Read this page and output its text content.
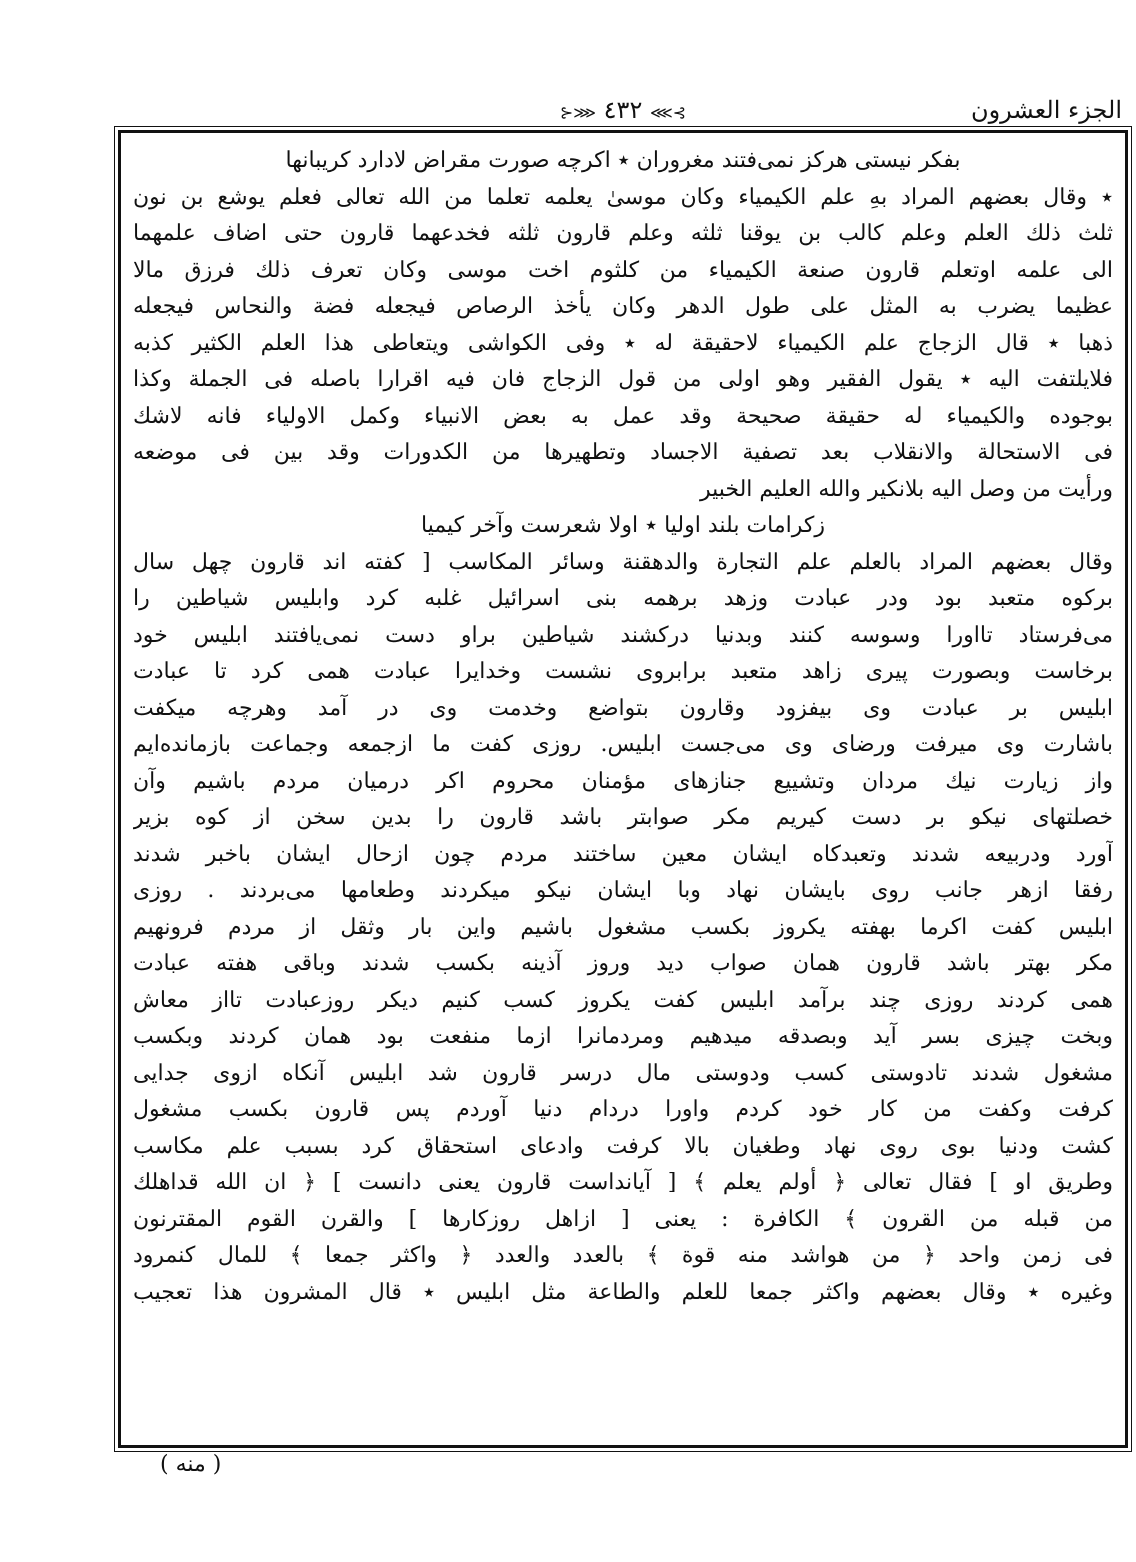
الجزء العشرون
⊱⋙ ٤٣٢ ⋘⊰
بفكر نيستى هركز نمى‌فتند مغروران ٭ اكرچه صورت مقراض لادارد كريبانها
٭ وقال بعضهم المراد بهِ علم الكيمياء وكان موسىٰ يعلمه تعلما من الله تعالى فعلم يوشع بن نون
ثلث ذلك العلم وعلم كالب بن يوقنا ثلثه وعلم قارون ثلثه فخدعهما قارون حتى اضاف علمهما
الى علمه اوتعلم قارون صنعة الكيمياء من كلثوم اخت موسى وكان تعرف ذلك فرزق مالا
عظيما يضرب به المثل على طول الدهر وكان يأخذ الرصاص فيجعله فضة والنحاس فيجعله
ذهبا ٭ قال الزجاج علم الكيمياء لاحقيقة له ٭ وفى الكواشى ويتعاطى هذا العلم الكثير كذبه
فلايلتفت اليه ٭ يقول الفقير وهو اولى من قول الزجاج فان فيه اقرارا باصله فى الجملة وكذا
بوجوده والكيمياء له حقيقة صحيحة وقد عمل به بعض الانبياء وكمل الاولياء فانه لاشك
فى الاستحالة والانقلاب بعد تصفية الاجساد وتطهيرها من الكدورات وقد بين فى موضعه
ورأيت من وصل اليه بلانكير والله العليم الخبير
زكرامات بلند اوليا ٭ اولا شعرست وآخر كيميا
وقال بعضهم المراد بالعلم علم التجارة والدهقنة وسائر المكاسب [ كفته اند قارون چهل سال
بركوه متعبد بود ودر عبادت وزهد برهمه بنى اسرائيل غلبه كرد وابليس شياطين را
مى‌فرستاد تااورا وسوسه كنند وبدنيا دركشند شياطين براو دست نمى‌يافتند ابليس خود
برخاست وبصورت پيرى زاهد متعبد برابروى نشست وخدايرا عبادت همى كرد تا عبادت
ابليس بر عبادت وى بيفزود وقارون بتواضع وخدمت وى در آمد وهرچه ميكفت
باشارت وى ميرفت ورضاى وى مى‌جست ابليس. روزى كفت ما ازجمعه وجماعت بازمانده‌ايم
واز زيارت نيك مردان وتشييع جنازهاى مؤمنان محروم اكر درميان مردم باشيم وآن
خصلتهاى نيكو بر دست كيريم مكر صوابتر باشد قارون را بدين سخن از كوه بزير
آورد ودربيعه شدند وتعبدكاه ايشان معين ساختند مردم چون ازحال ايشان باخبر شدند
رفقا ازهر جانب روى بايشان نهاد وبا ايشان نيكو ميكردند وطعامها مى‌بردند . روزى
ابليس كفت اكرما بهفته يكروز بكسب مشغول باشيم واين بار وثقل از مردم فرونهيم
مكر بهتر باشد قارون همان صواب ديد وروز آذينه بكسب شدند وباقى هفته عبادت
همى كردند روزى چند برآمد ابليس كفت يكروز كسب كنيم ديكر روزعبادت تااز معاش
وبخت چيزى بسر آيد وبصدقه ميدهيم ومردمانرا ازما منفعت بود همان كردند وبكسب
مشغول شدند تادوستى كسب ودوستى مال درسر قارون شد ابليس آنكاه ازوى جدايى
كرفت وكفت من كار خود كردم واورا دردام دنيا آوردم پس قارون بكسب مشغول
كشت ودنيا بوى روى نهاد وطغيان بالا كرفت وادعاى استحقاق كرد بسبب علم مكاسب
وطريق او ] فقال تعالى ﴿ أولم يعلم ﴾ [ آيانداست قارون يعنى دانست ] ﴿ ان الله قداهلك
من قبله من القرون ﴾ الكافرة : يعنى [ ازاهل روزكارها ] والقرن القوم المقترنون
فى زمن واحد ﴿ من هواشد منه قوة ﴾ بالعدد والعدد ﴿ واكثر جمعا ﴾ للمال كنمرود
وغيره ٭ وقال بعضهم واكثر جمعا للعلم والطاعة مثل ابليس ٭ قال المشرون هذا تعجيب
( منه )
